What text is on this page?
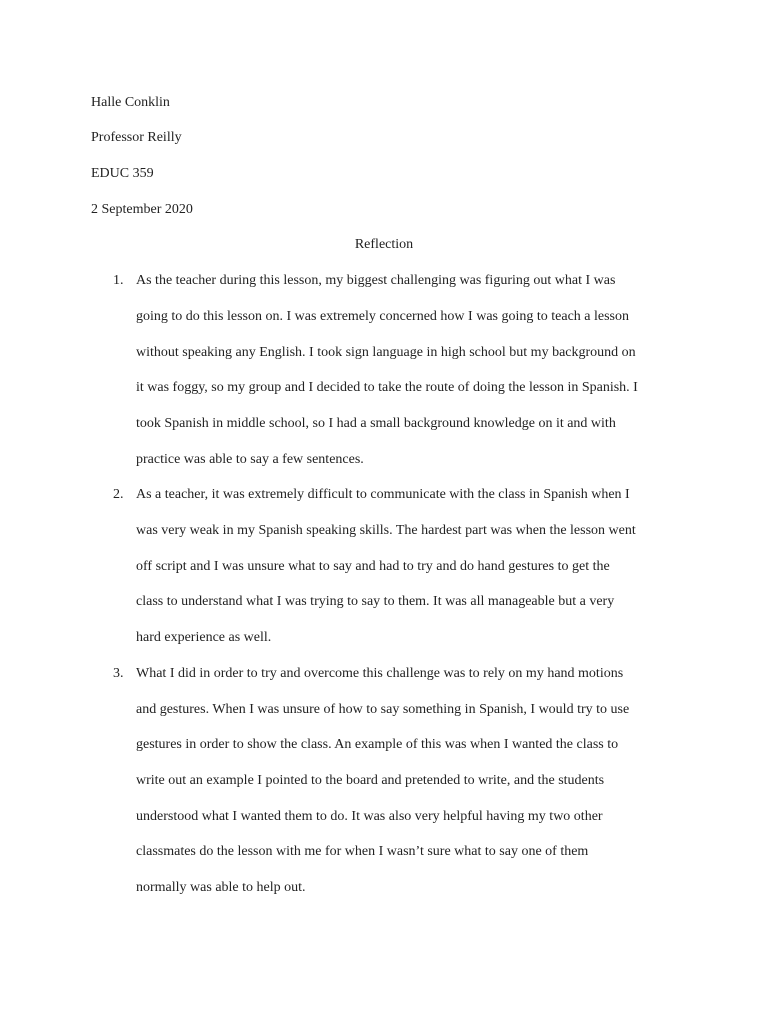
Halle Conklin
Professor Reilly
EDUC 359
2 September 2020
Reflection
1. As the teacher during this lesson, my biggest challenging was figuring out what I was
going to do this lesson on. I was extremely concerned how I was going to teach a lesson
without speaking any English. I took sign language in high school but my background on
it was foggy, so my group and I decided to take the route of doing the lesson in Spanish. I
took Spanish in middle school, so I had a small background knowledge on it and with
practice was able to say a few sentences.
2. As a teacher, it was extremely difficult to communicate with the class in Spanish when I
was very weak in my Spanish speaking skills. The hardest part was when the lesson went
off script and I was unsure what to say and had to try and do hand gestures to get the
class to understand what I was trying to say to them. It was all manageable but a very
hard experience as well.
3. What I did in order to try and overcome this challenge was to rely on my hand motions
and gestures. When I was unsure of how to say something in Spanish, I would try to use
gestures in order to show the class. An example of this was when I wanted the class to
write out an example I pointed to the board and pretended to write, and the students
understood what I wanted them to do. It was also very helpful having my two other
classmates do the lesson with me for when I wasn’t sure what to say one of them
normally was able to help out.
